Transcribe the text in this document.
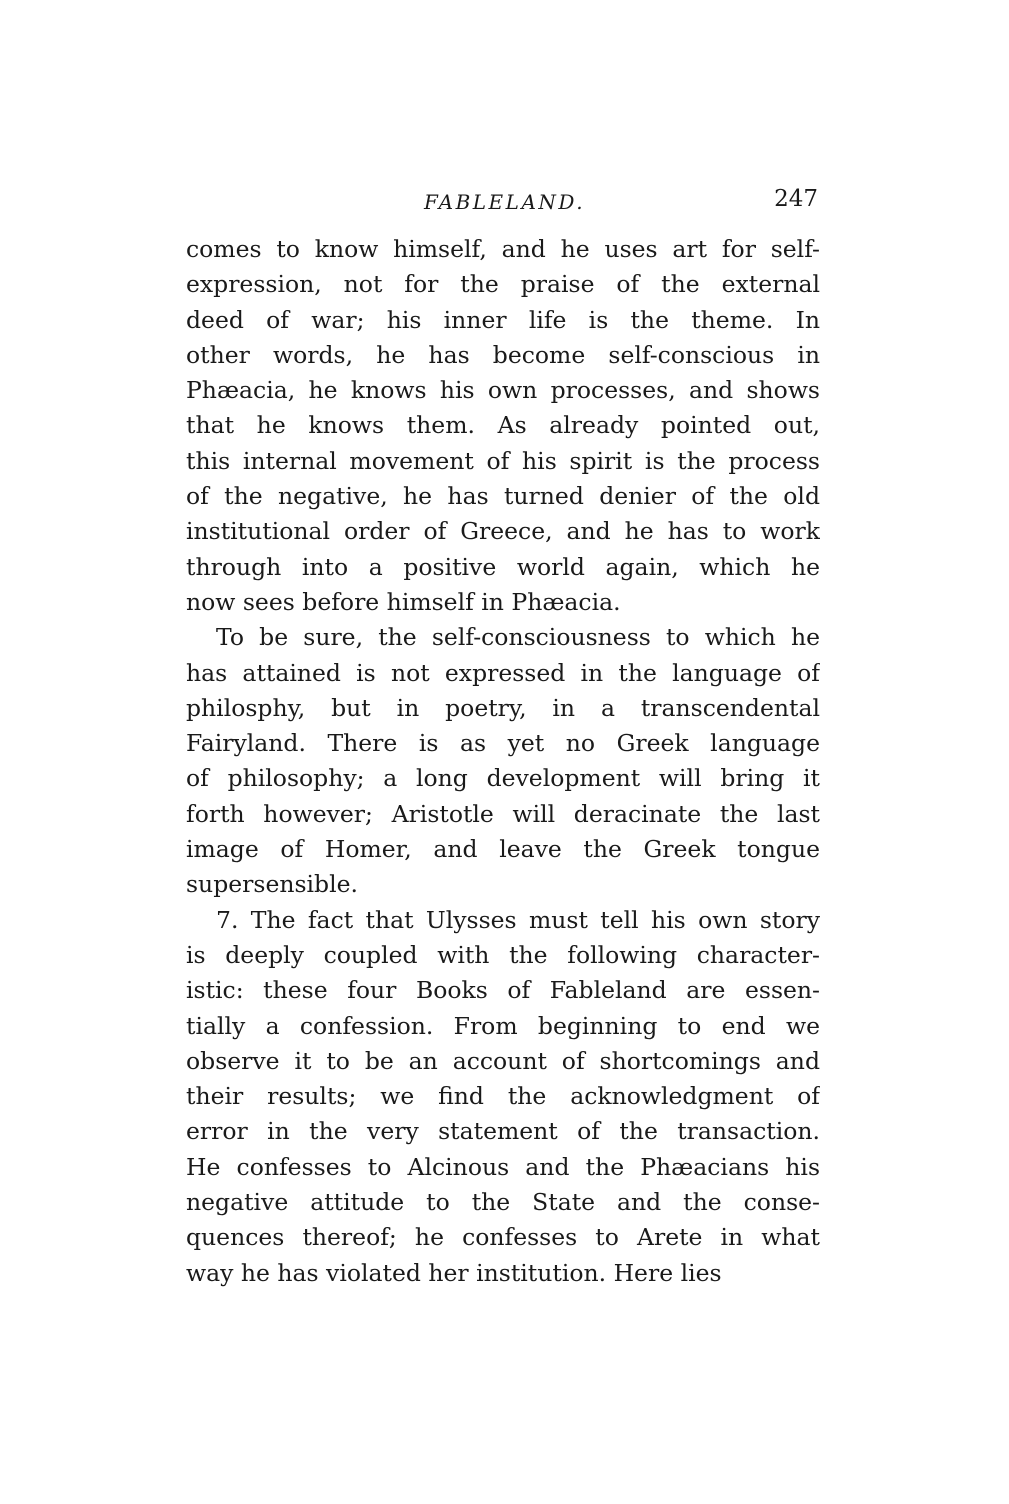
FABLELAND.	247
comes to know himself, and he uses art for self-
expression, not for the praise of the external
deed of war; his inner life is the theme. In
other words, he has become self-conscious in
Phæacia, he knows his own processes, and shows
that he knows them. As already pointed out,
this internal movement of his spirit is the process
of the negative, he has turned denier of the old
institutional order of Greece, and he has to work
through into a positive world again, which he
now sees before himself in Phæacia.
To be sure, the self-consciousness to which he
has attained is not expressed in the language of
philosphy, but in poetry, in a transcendental
Fairyland. There is as yet no Greek language
of philosophy; a long development will bring it
forth however; Aristotle will deracinate the last
image of Homer, and leave the Greek tongue
supersensible.
7. The fact that Ulysses must tell his own story
is deeply coupled with the following character-
istic: these four Books of Fableland are essen-
tially a confession. From beginning to end we
observe it to be an account of shortcomings and
their results; we find the acknowledgment of
error in the very statement of the transaction.
He confesses to Alcinous and the Phæacians his
negative attitude to the State and the conse-
quences thereof; he confesses to Arete in what
way he has violated her institution. Here lies
